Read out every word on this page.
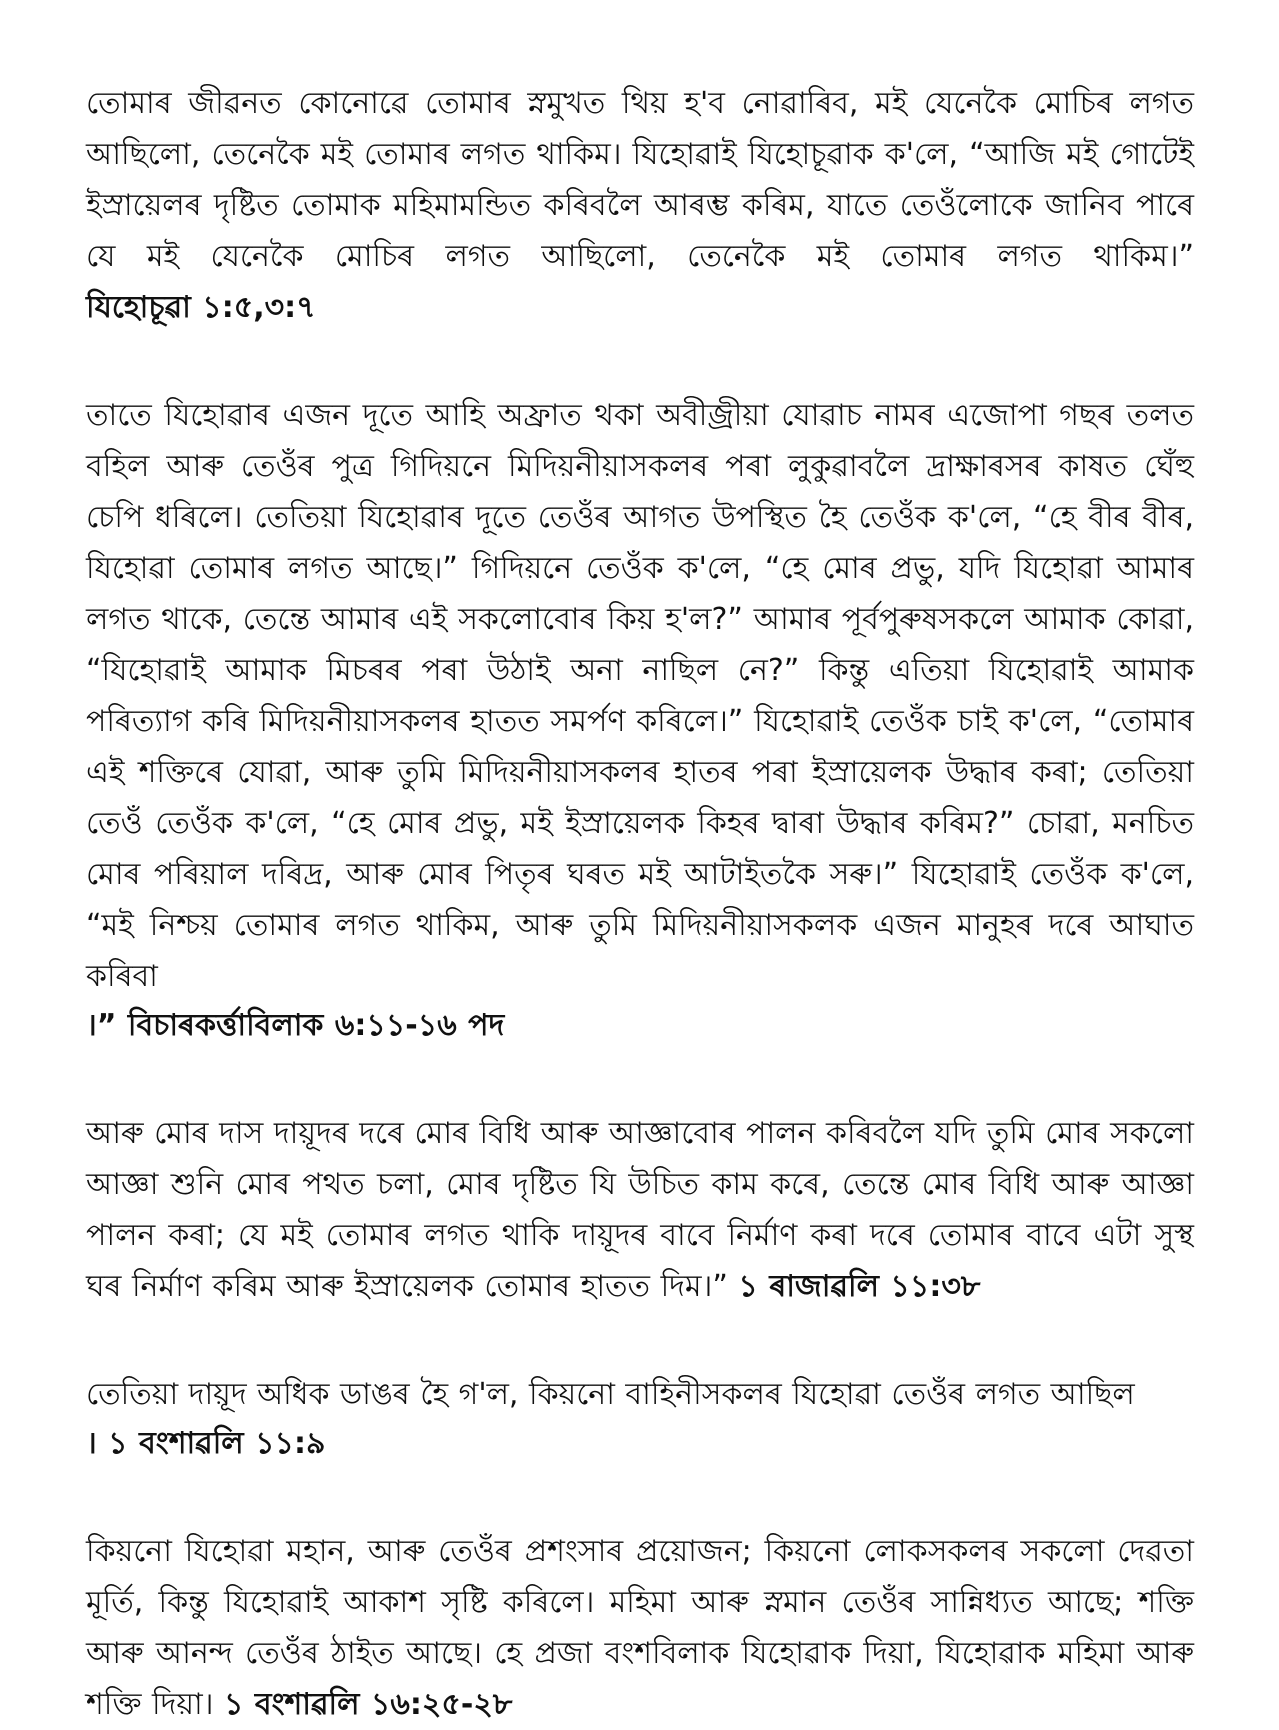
তোমাৰ জীৱনত কোনোৱে তোমাৰ স্নমুখত থিয় হ'ব নোৱাৰিব, মই যেনেকৈ মোচিৰ লগত আছিলো, তেনেকৈ মই তোমাৰ লগত থাকিম। যিহোৱাই যিহোচূৱাক ক'লে, “আজি মই গোটেই ইস্ৰায়েলৰ দৃষ্টিত তোমাক মহিমামন্ডিত কৰিবলৈ আৰম্ভ কৰিম, যাতে তেওঁলোকে জানিব পাৰে যে মই যেনেকৈ মোচিৰ লগত আছিলো, তেনেকৈ মই তোমাৰ লগত থাকিম।” যিহোচূৱা ১:৫,৩:৭

তাতে যিহোৱাৰ এজন দূতে আহি অফ্ৰাত থকা অবীজ্ৰীয়া যোৱাচ নামৰ এজোপা গছৰ তলত বহিল আৰু তেওঁৰ পুত্ৰ গিদিয়নে মিদিয়নীয়াসকলৰ পৰা লুকুৱাবলৈ দ্ৰাক্ষাৰসৰ কাষত ঘেঁহু চেপি ধৰিলে। তেতিয়া যিহোৱাৰ দূতে তেওঁৰ আগত উপস্থিত হৈ তেওঁক ক'লে, “হে বীৰ বীৰ, যিহোৱা তোমাৰ লগত আছে।” গিদিয়নে তেওঁক ক'লে, “হে মোৰ প্ৰভু, যদি যিহোৱা আমাৰ লগত থাকে, তেন্তে আমাৰ এই সকলোবোৰ কিয় হ'ল?” আমাৰ পূৰ্বপুৰুষসকলে আমাক কোৱা, “যিহোৱাই আমাক মিচৰৰ পৰা উঠাই অনা নাছিল নে?” কিন্তু এতিয়া যিহোৱাই আমাক পৰিত্যাগ কৰি মিদিয়নীয়াসকলৰ হাতত সমৰ্পণ কৰিলে।” যিহোৱাই তেওঁক চাই ক'লে, “তোমাৰ এই শক্তিৰে যোৱা, আৰু তুমি মিদিয়নীয়াসকলৰ হাতৰ পৰা ইস্ৰায়েলক উদ্ধাৰ কৰা; তেতিয়া তেওঁ তেওঁক ক'লে, “হে মোৰ প্ৰভু, মই ইস্ৰায়েলক কিহৰ দ্বাৰা উদ্ধাৰ কৰিম?” চোৱা, মনচিত মোৰ পৰিয়াল দৰিদ্ৰ, আৰু মোৰ পিতৃৰ ঘৰত মই আটাইতকৈ সৰু।” যিহোৱাই তেওঁক ক'লে, “মই নিশ্চয় তোমাৰ লগত থাকিম, আৰু তুমি মিদিয়নীয়াসকলক এজন মানুহৰ দৰে আঘাত কৰিবা
।” বিচাৰকৰ্ত্তাবিলাক ৬:১১-১৬ পদ

আৰু মোৰ দাস দায়ূদৰ দৰে মোৰ বিধি আৰু আজ্ঞাবোৰ পালন কৰিবলৈ যদি তুমি মোৰ সকলো আজ্ঞা শুনি মোৰ পথত চলা, মোৰ দৃষ্টিত যি উচিত কাম কৰে, তেন্তে মোৰ বিধি আৰু আজ্ঞা পালন কৰা; যে মই তোমাৰ লগত থাকি দায়ূদৰ বাবে নিৰ্মাণ কৰা দৰে তোমাৰ বাবে এটা সুস্থ ঘৰ নিৰ্মাণ কৰিম আৰু ইস্ৰায়েলক তোমাৰ হাতত দিম।” ১ ৰাজাৱলি ১১:৩৮

তেতিয়া দায়ূদ অধিক ডাঙৰ হৈ গ'ল, কিয়নো বাহিনীসকলৰ যিহোৱা তেওঁৰ লগত আছিল
। ১ বংশাৱলি ১১:৯

কিয়নো যিহোৱা মহান, আৰু তেওঁৰ প্ৰশংসাৰ প্ৰয়োজন; কিয়নো লোকসকলৰ সকলো দেৱতা মূৰ্তি, কিন্তু যিহোৱাই আকাশ সৃষ্টি কৰিলে। মহিমা আৰু স্নমান তেওঁৰ সান্নিধ্যত আছে; শক্তি আৰু আনন্দ তেওঁৰ ঠাইত আছে। হে প্ৰজা বংশবিলাক যিহোৱাক দিয়া, যিহোৱাক মহিমা আৰু শক্তি দিয়া। ১ বংশাৱলি ১৬:২৫-২৮
